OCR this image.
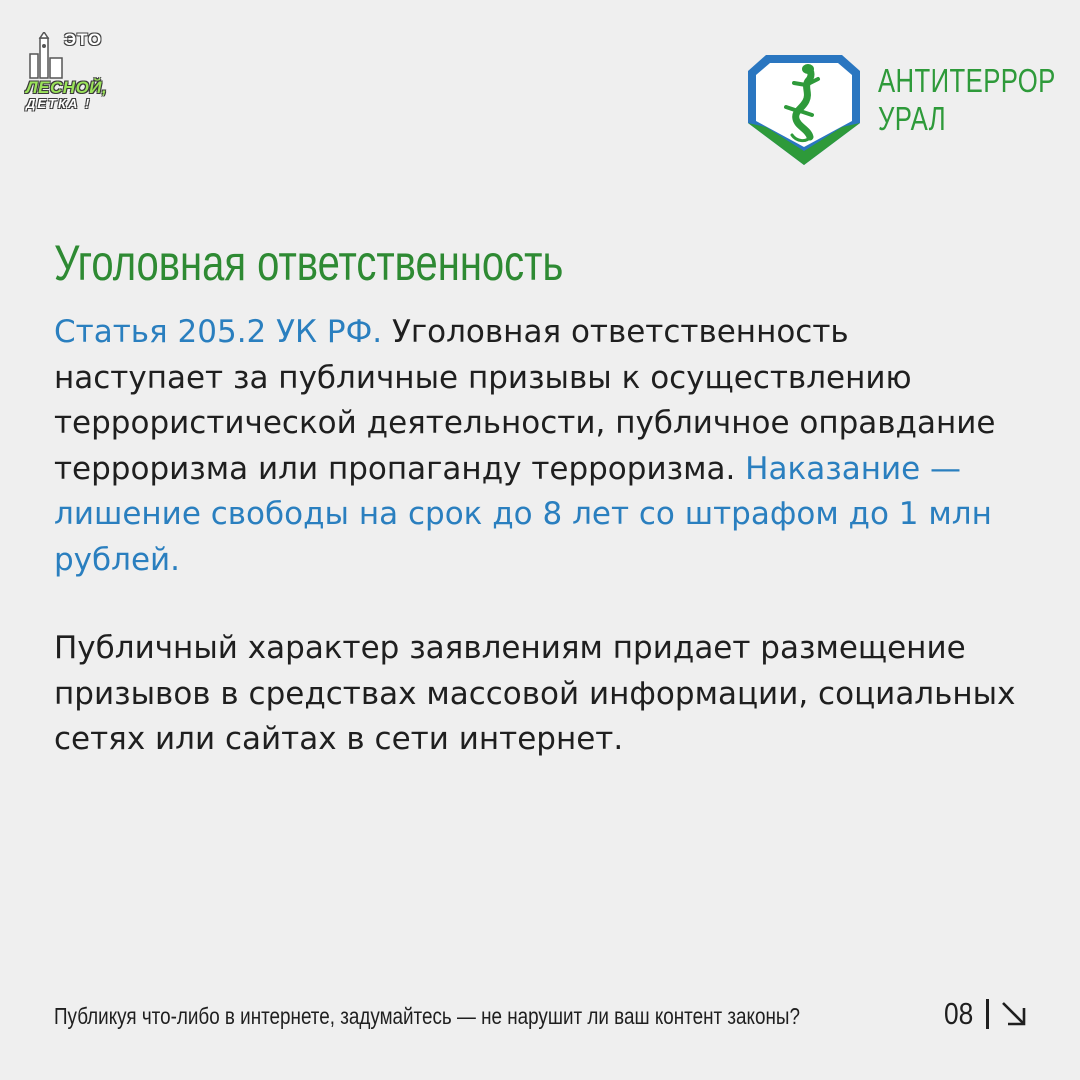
ЭТО
ЛЕСНОЙ,
ДЕТКА !
АНТИТЕРРОР
УРАЛ
Уголовная ответственность

Статья 205.2 УК РФ. Уголовная ответственность наступает за публичные призывы к осуществлению террористической деятельности, публичное оправдание терроризма или пропаганду терроризма. Наказание — лишение свободы на срок до 8 лет со штрафом до 1 млн рублей.

Публичный характер заявлениям придает размещение призывов в средствах массовой информации, социальных сетях или сайтах в сети интернет.

Публикуя что-либо в интернете, задумайтесь — не нарушит ли ваш контент законы?	08
